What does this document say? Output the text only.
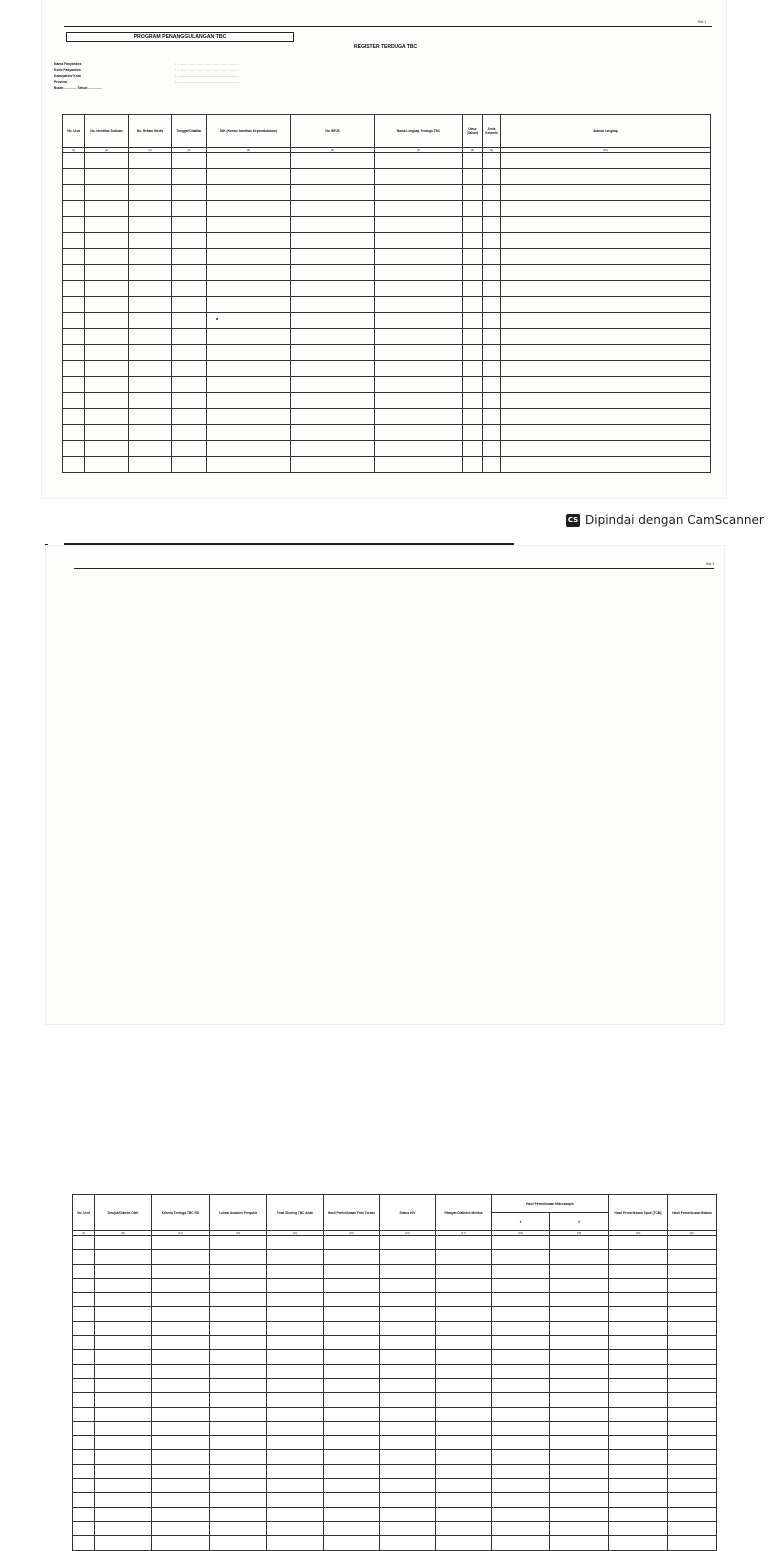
Hal. 1
PROGRAM PENANGGULANGAN TBC
REGISTER TERDUGA TBC
Nama Fasyankes	: ......................................................
Kode Fasyankes	: ......................................................
Kabupaten/ Kota	: ......................................................
Provinsi	: ......................................................
Bulan ............. Tahun ..............
No. Urut	No. Identitas Sediaan	No. Rekam Medis	Tanggal Didaftar	NIK (Nomor Identitas Kependudukan)	No. BPJS	Nama Lengkap Terduga TBC	Umur (Tahun)	Jenis Kelamin	Alamat Lengkap
(1)	(2)	(3)	(4)	(5)	(6)	(7)	(8)	(9)	(10)

CS Dipindai dengan CamScanner
Hal. 2
No. Urut	Dirujuk/Dikirim Oleh	Kriteria Terduga TBC RO	Lokasi Anatomi Penyakit	Total Skoring TBC Anak	Hasil Pemeriksaan Foto Toraks	Status HIV	Riwayat Diabetes Melitus	Hasil Pemeriksaan Mikroskopis		Hasil Pemeriksaan Sputi (TCM)	Hasil Pemeriksaan Biakan
								1	2		
(1)	(11)	(12)	(13)	(14)	(15)	(16)	(17)	(18)	(19)	(20)	(21)
